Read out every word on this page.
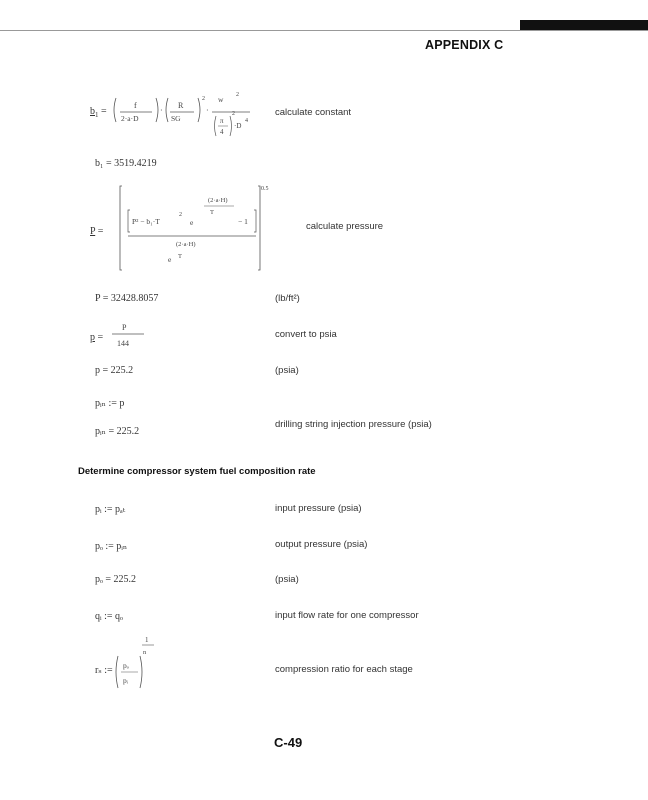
APPENDIX C
$b_1$ =
f
2·a·D
·
R
SG
2
·
w 2
π
4
2
·D
4
calculate constant
b₁ = 3519.4219
P =
0.5
P² − b₁·T
2
e
(2·a·H)
T
− 1
(2·a·H)
e T
calculate pressure
P = 32428.8057	(lb/ft²)
p =
P
144
convert to psia
p = 225.2	(psia)
pᵢₙ := p
pᵢₙ = 225.2
drilling string injection pressure (psia)
Determine compressor system fuel composition rate
pᵢ := pₐₜ	input pressure (psia)
pₒ := pᵢₙ	output pressure (psia)
pₒ = 225.2	(psia)
qᵢ := qₒ	input flow rate for one compressor
rₛ :=
1
n
pₒ
pᵢ
compression ratio for each stage
C-49
